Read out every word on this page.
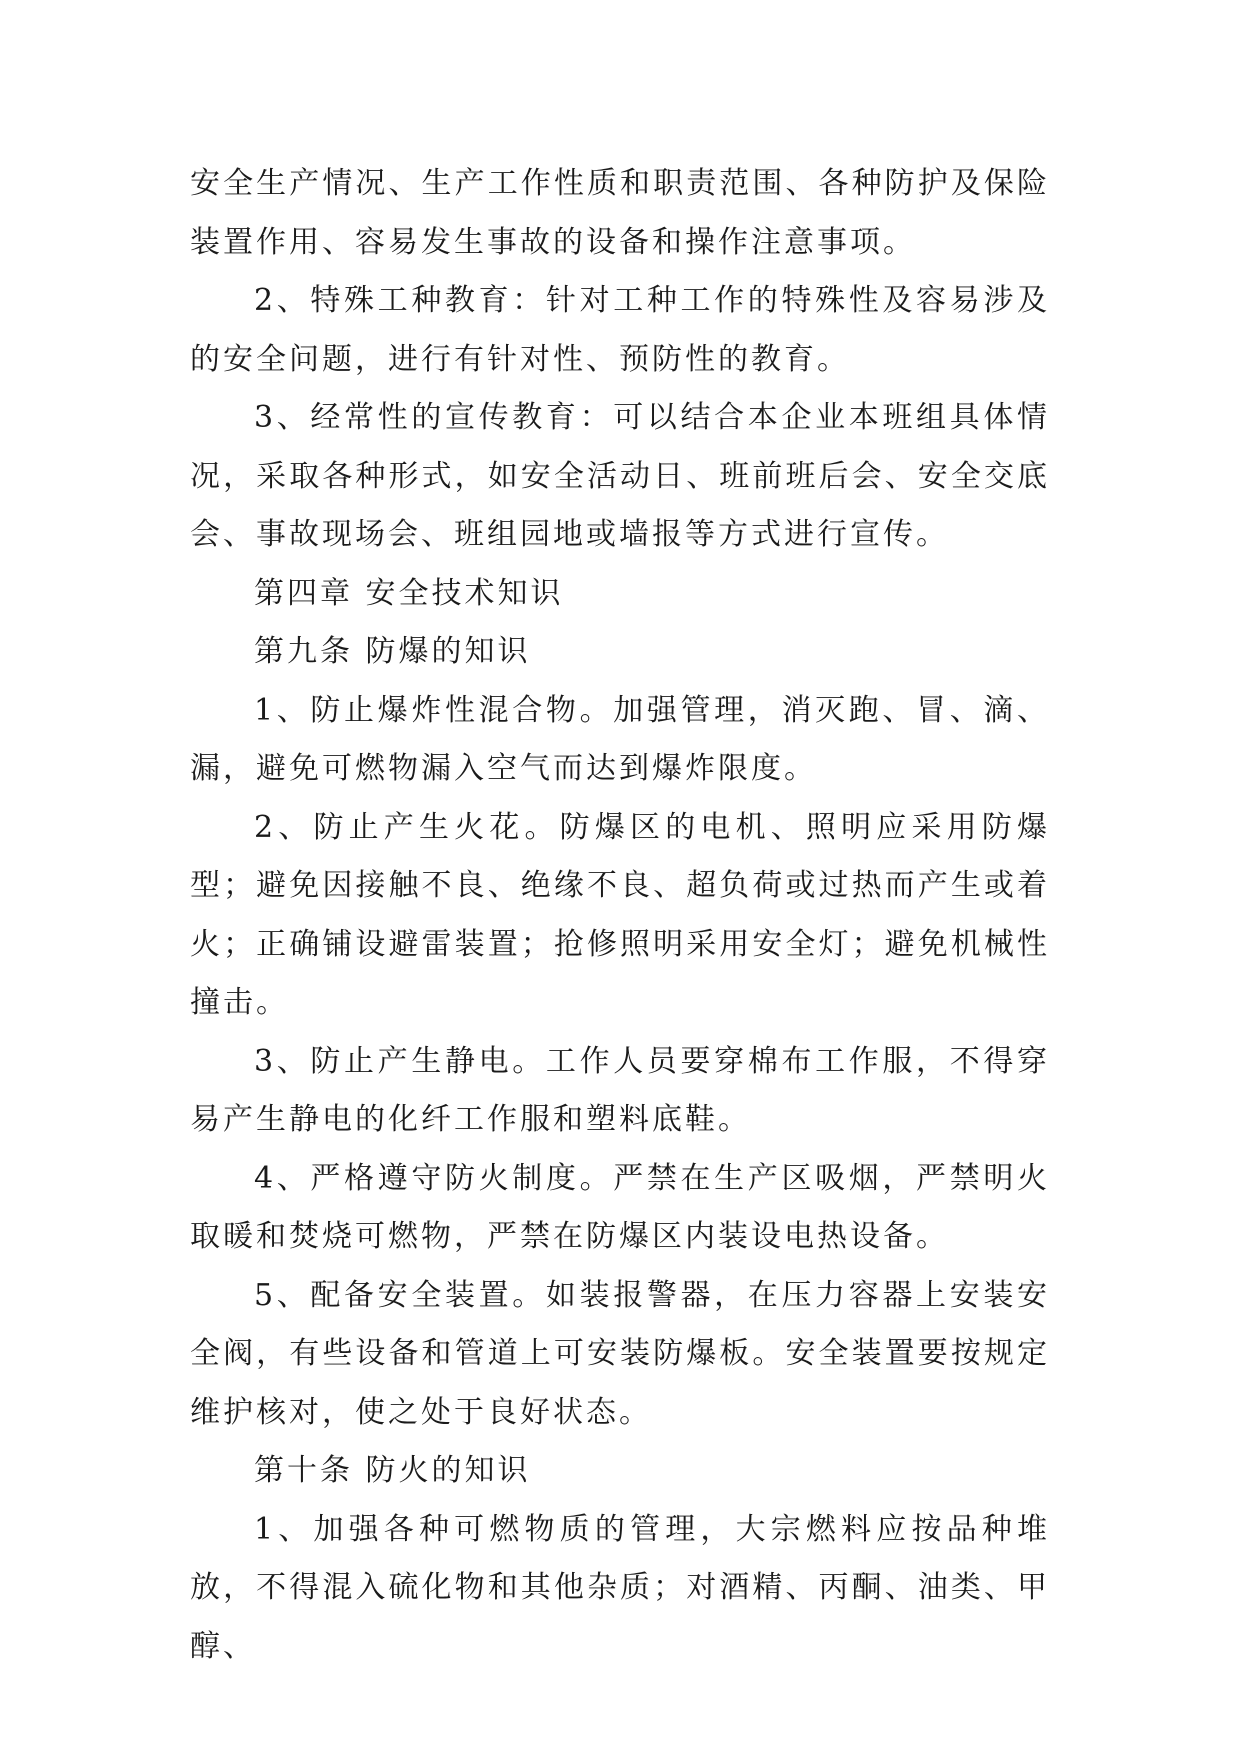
安全生产情况、生产工作性质和职责范围、各种防护及保险装置作用、容易发生事故的设备和操作注意事项。

2、特殊工种教育：针对工种工作的特殊性及容易涉及的安全问题，进行有针对性、预防性的教育。

3、经常性的宣传教育：可以结合本企业本班组具体情况，采取各种形式，如安全活动日、班前班后会、安全交底会、事故现场会、班组园地或墙报等方式进行宣传。

第四章 安全技术知识

第九条 防爆的知识

1、防止爆炸性混合物。加强管理，消灭跑、冒、滴、漏，避免可燃物漏入空气而达到爆炸限度。

2、防止产生火花。防爆区的电机、照明应采用防爆型；避免因接触不良、绝缘不良、超负荷或过热而产生或着火；正确铺设避雷装置；抢修照明采用安全灯；避免机械性撞击。

3、防止产生静电。工作人员要穿棉布工作服，不得穿易产生静电的化纤工作服和塑料底鞋。

4、严格遵守防火制度。严禁在生产区吸烟，严禁明火取暖和焚烧可燃物，严禁在防爆区内装设电热设备。

5、配备安全装置。如装报警器，在压力容器上安装安全阀，有些设备和管道上可安装防爆板。安全装置要按规定维护核对，使之处于良好状态。

第十条 防火的知识

1、加强各种可燃物质的管理，大宗燃料应按品种堆放，不得混入硫化物和其他杂质；对酒精、丙酮、油类、甲醇、
